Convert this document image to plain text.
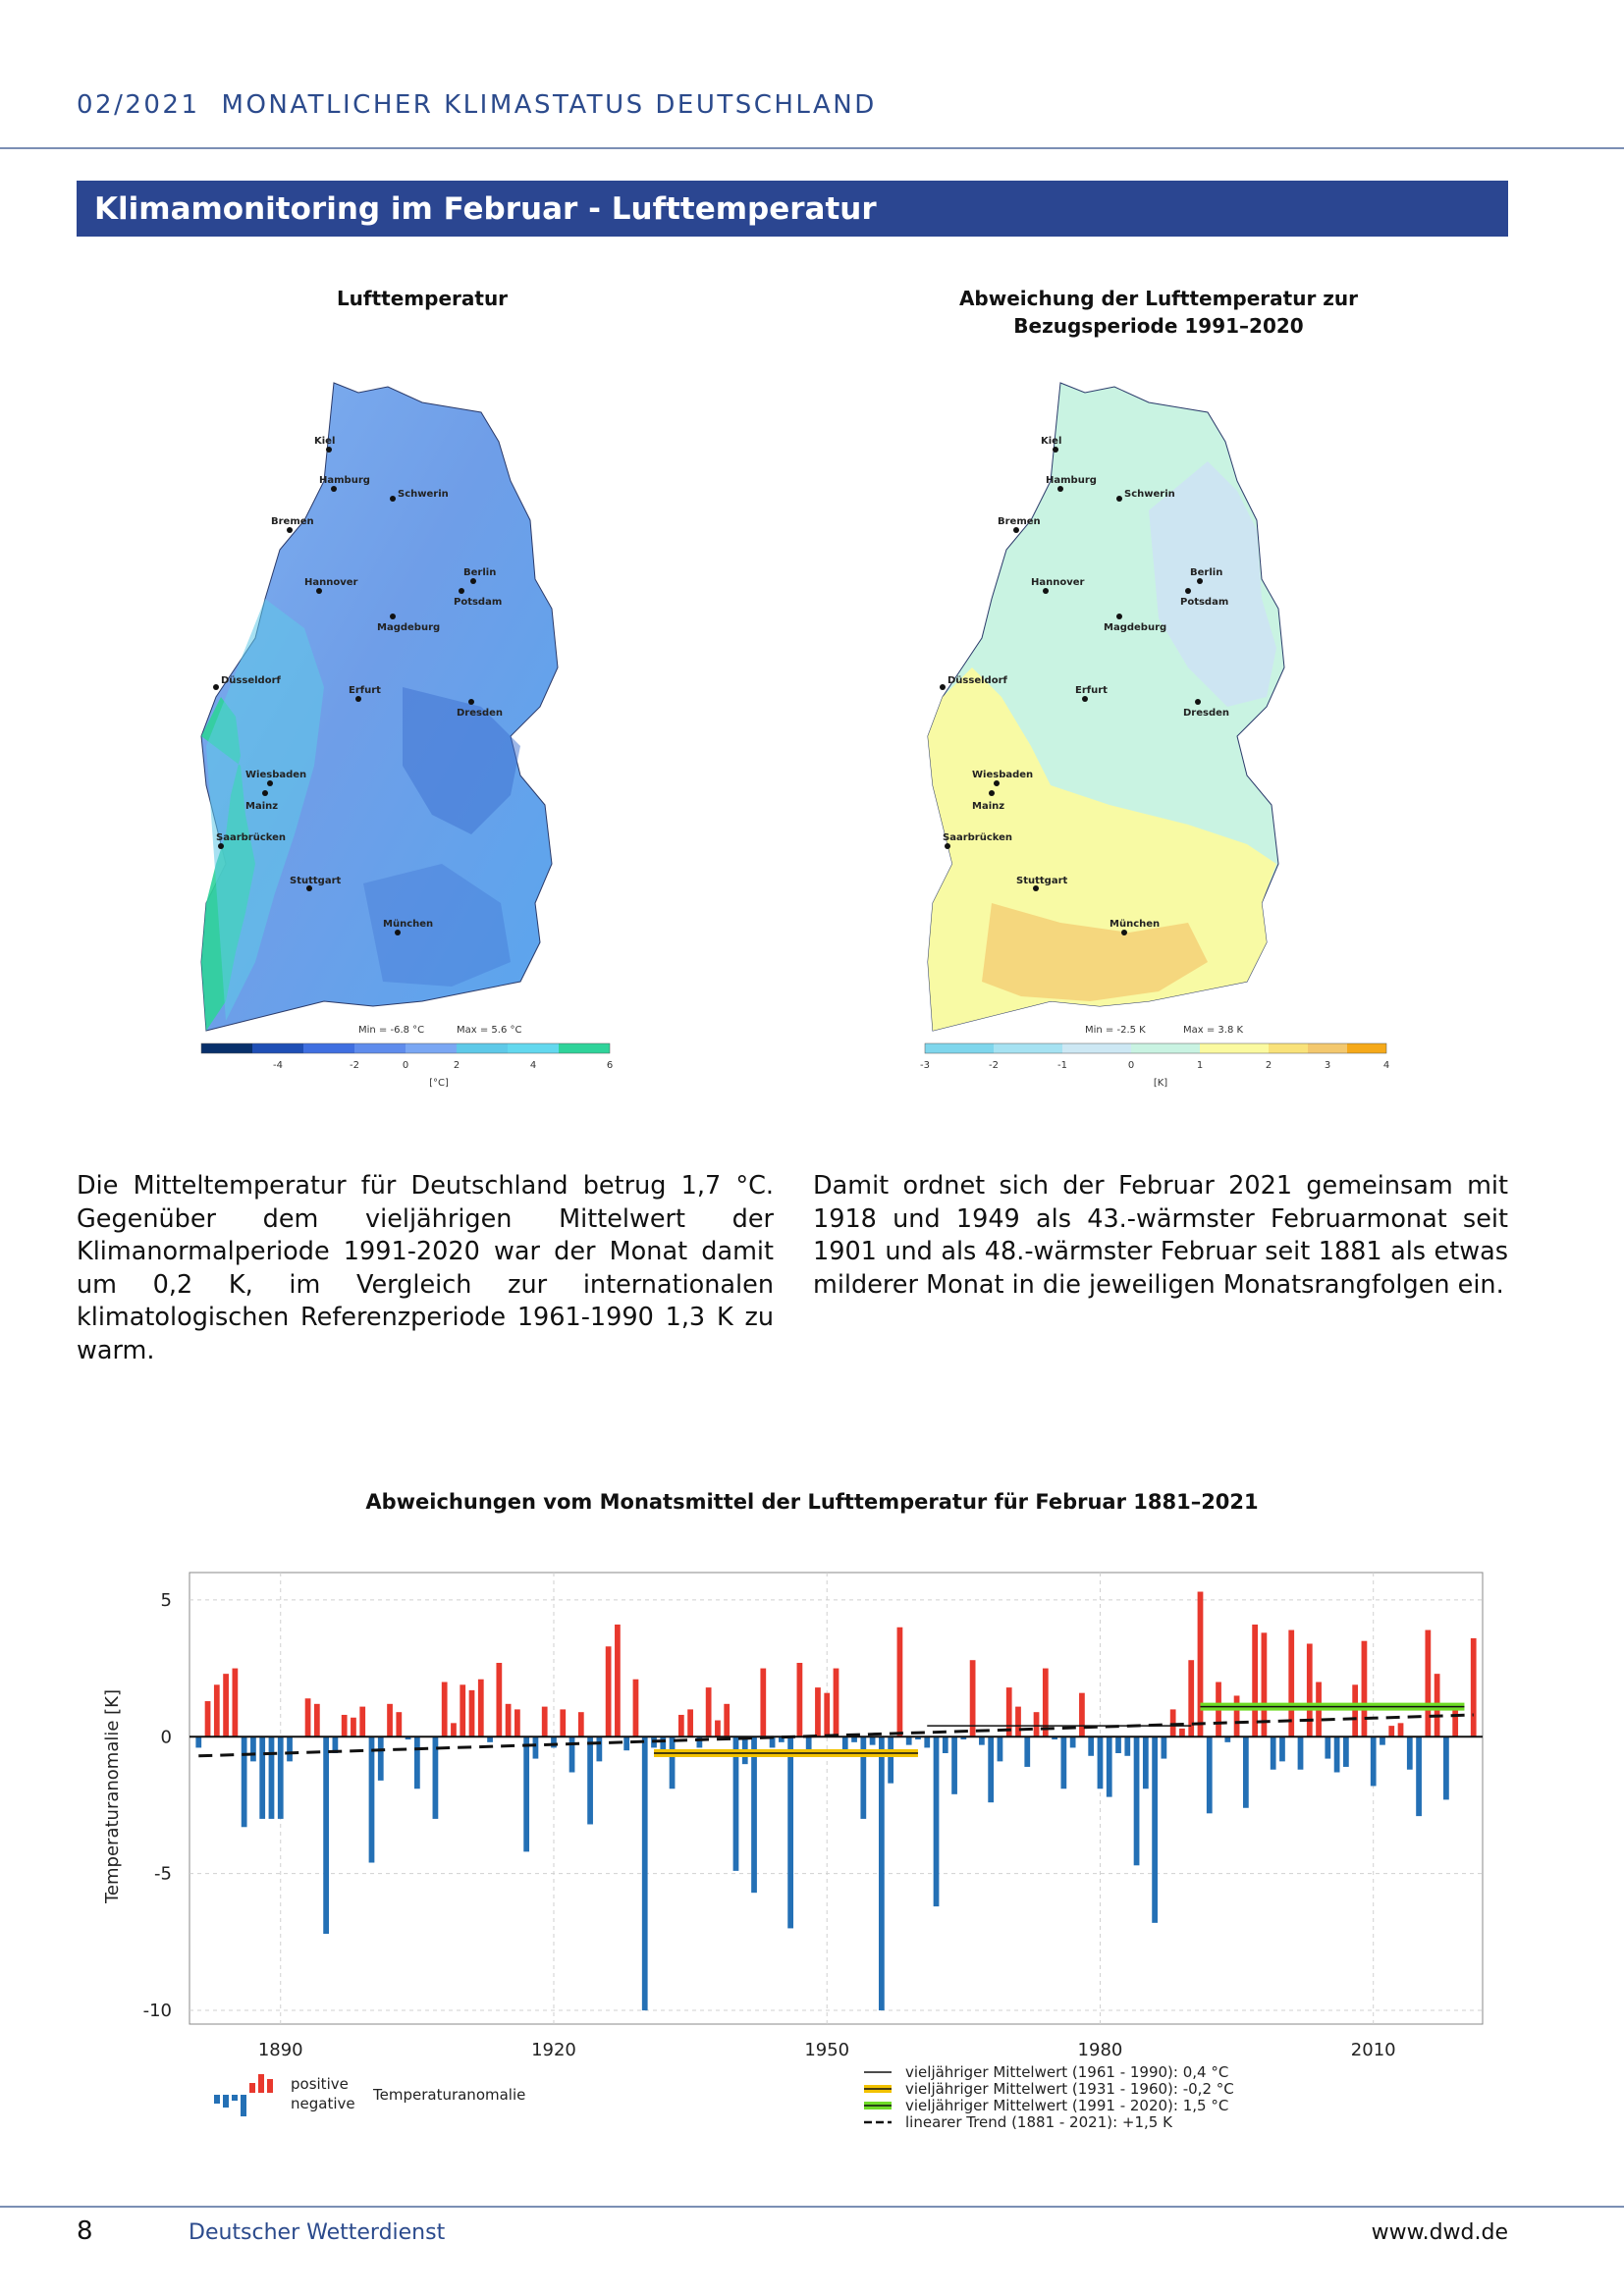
02/2021 MONATLICHER KLIMASTATUS DEUTSCHLAND
Klimamonitoring im Februar - Lufttemperatur
Lufttemperatur
Kiel
Hamburg
Schwerin
Bremen
Berlin
Potsdam
Hannover
Magdeburg
Düsseldorf
Erfurt
Dresden
Wiesbaden
Mainz
Saarbrücken
Stuttgart
München
Min = -6.8 °C	Max = 5.6 °C
-4	-2	0	2	4	6
[°C]
Abweichung der Lufttemperatur zur
Bezugsperiode 1991–2020
Kiel
Hamburg
Schwerin
Bremen
Berlin
Potsdam
Hannover
Magdeburg
Düsseldorf
Erfurt
Dresden
Wiesbaden
Mainz
Saarbrücken
Stuttgart
München
Min = -2.5 K	Max = 3.8 K
-3	-2	-1	0	1	2	3	4
[K]
Die Mitteltemperatur für Deutschland betrug 1,7 °C. Gegenüber dem vieljährigen Mittelwert der Klimanormalperiode 1991-2020 war der Monat damit um 0,2 K, im Vergleich zur internationalen klimatologischen Referenzperiode 1961-1990 1,3 K zu warm.
Damit ordnet sich der Februar 2021 gemeinsam mit 1918 und 1949 als 43.-wärmster Februarmonat seit 1901 und als 48.-wärmster Februar seit 1881 als etwas milderer Monat in die jeweiligen Monatsrangfolgen ein.
Abweichungen vom Monatsmittel der Lufttemperatur für Februar 1881–2021
5
0
-5
-10
1890	1920	1950	1980	2010
Temperaturanomalie [K]
positive
negative Temperaturanomalie
vieljähriger Mittelwert (1961 - 1990): 0,4 °C
vieljähriger Mittelwert (1931 - 1960): -0,2 °C
vieljähriger Mittelwert (1991 - 2020): 1,5 °C
linearer Trend (1881 - 2021): +1,5 K
8	Deutscher Wetterdienst	www.dwd.de
